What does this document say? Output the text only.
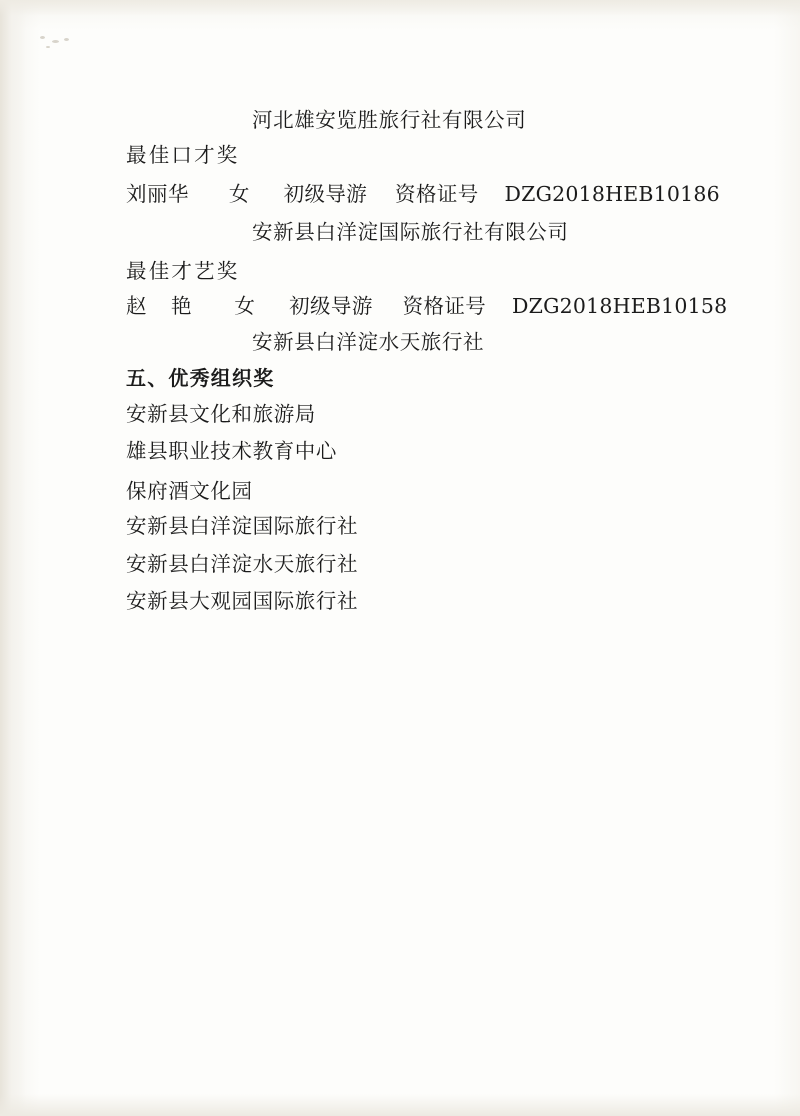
河北雄安览胜旅行社有限公司
最佳口才奖
刘丽华 女 初级导游 资格证号 DZG2018HEB10186
安新县白洋淀国际旅行社有限公司
最佳才艺奖
赵 艳 女 初级导游 资格证号 DZG2018HEB10158
安新县白洋淀水天旅行社
五、优秀组织奖
安新县文化和旅游局
雄县职业技术教育中心
保府酒文化园
安新县白洋淀国际旅行社
安新县白洋淀水天旅行社
安新县大观园国际旅行社
